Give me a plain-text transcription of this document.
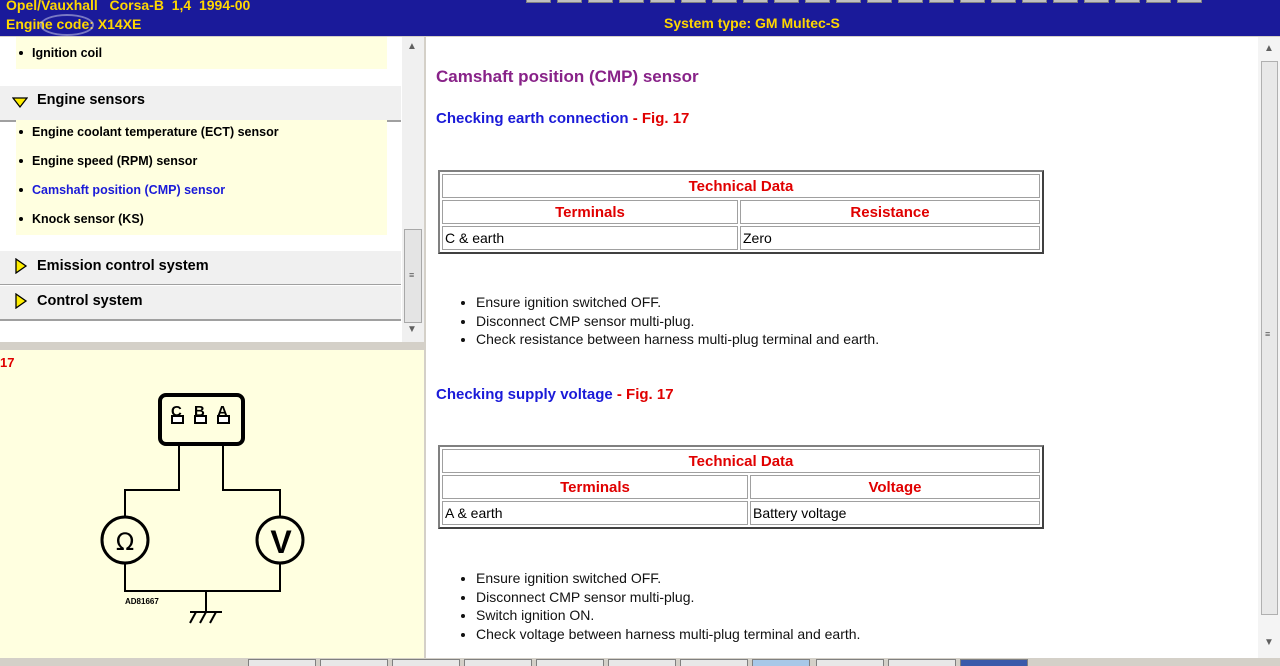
Opel/Vauxhall   Corsa-B  1,4  1994-00
Engine code: X14XE	System type: GM Multec-S
Ignition coil
Engine sensors
Engine coolant temperature (ECT) sensor
Engine speed (RPM) sensor
Camshaft position (CMP) sensor
Knock sensor (KS)
Emission control system
Control system
▲
≡
▼
17
C B A
Ω	V
AD81667
Camshaft position (CMP) sensor
Checking earth connection - Fig. 17
Technical Data	
Terminals	Resistance
C & earth	Zero
• Ensure ignition switched OFF.
• Disconnect CMP sensor multi-plug.
• Check resistance between harness multi-plug terminal and earth.
Checking supply voltage - Fig. 17
Technical Data	
Terminals	Voltage
A & earth	Battery voltage
• Ensure ignition switched OFF.
• Disconnect CMP sensor multi-plug.
• Switch ignition ON.
• Check voltage between harness multi-plug terminal and earth.
▲
≡
▼
